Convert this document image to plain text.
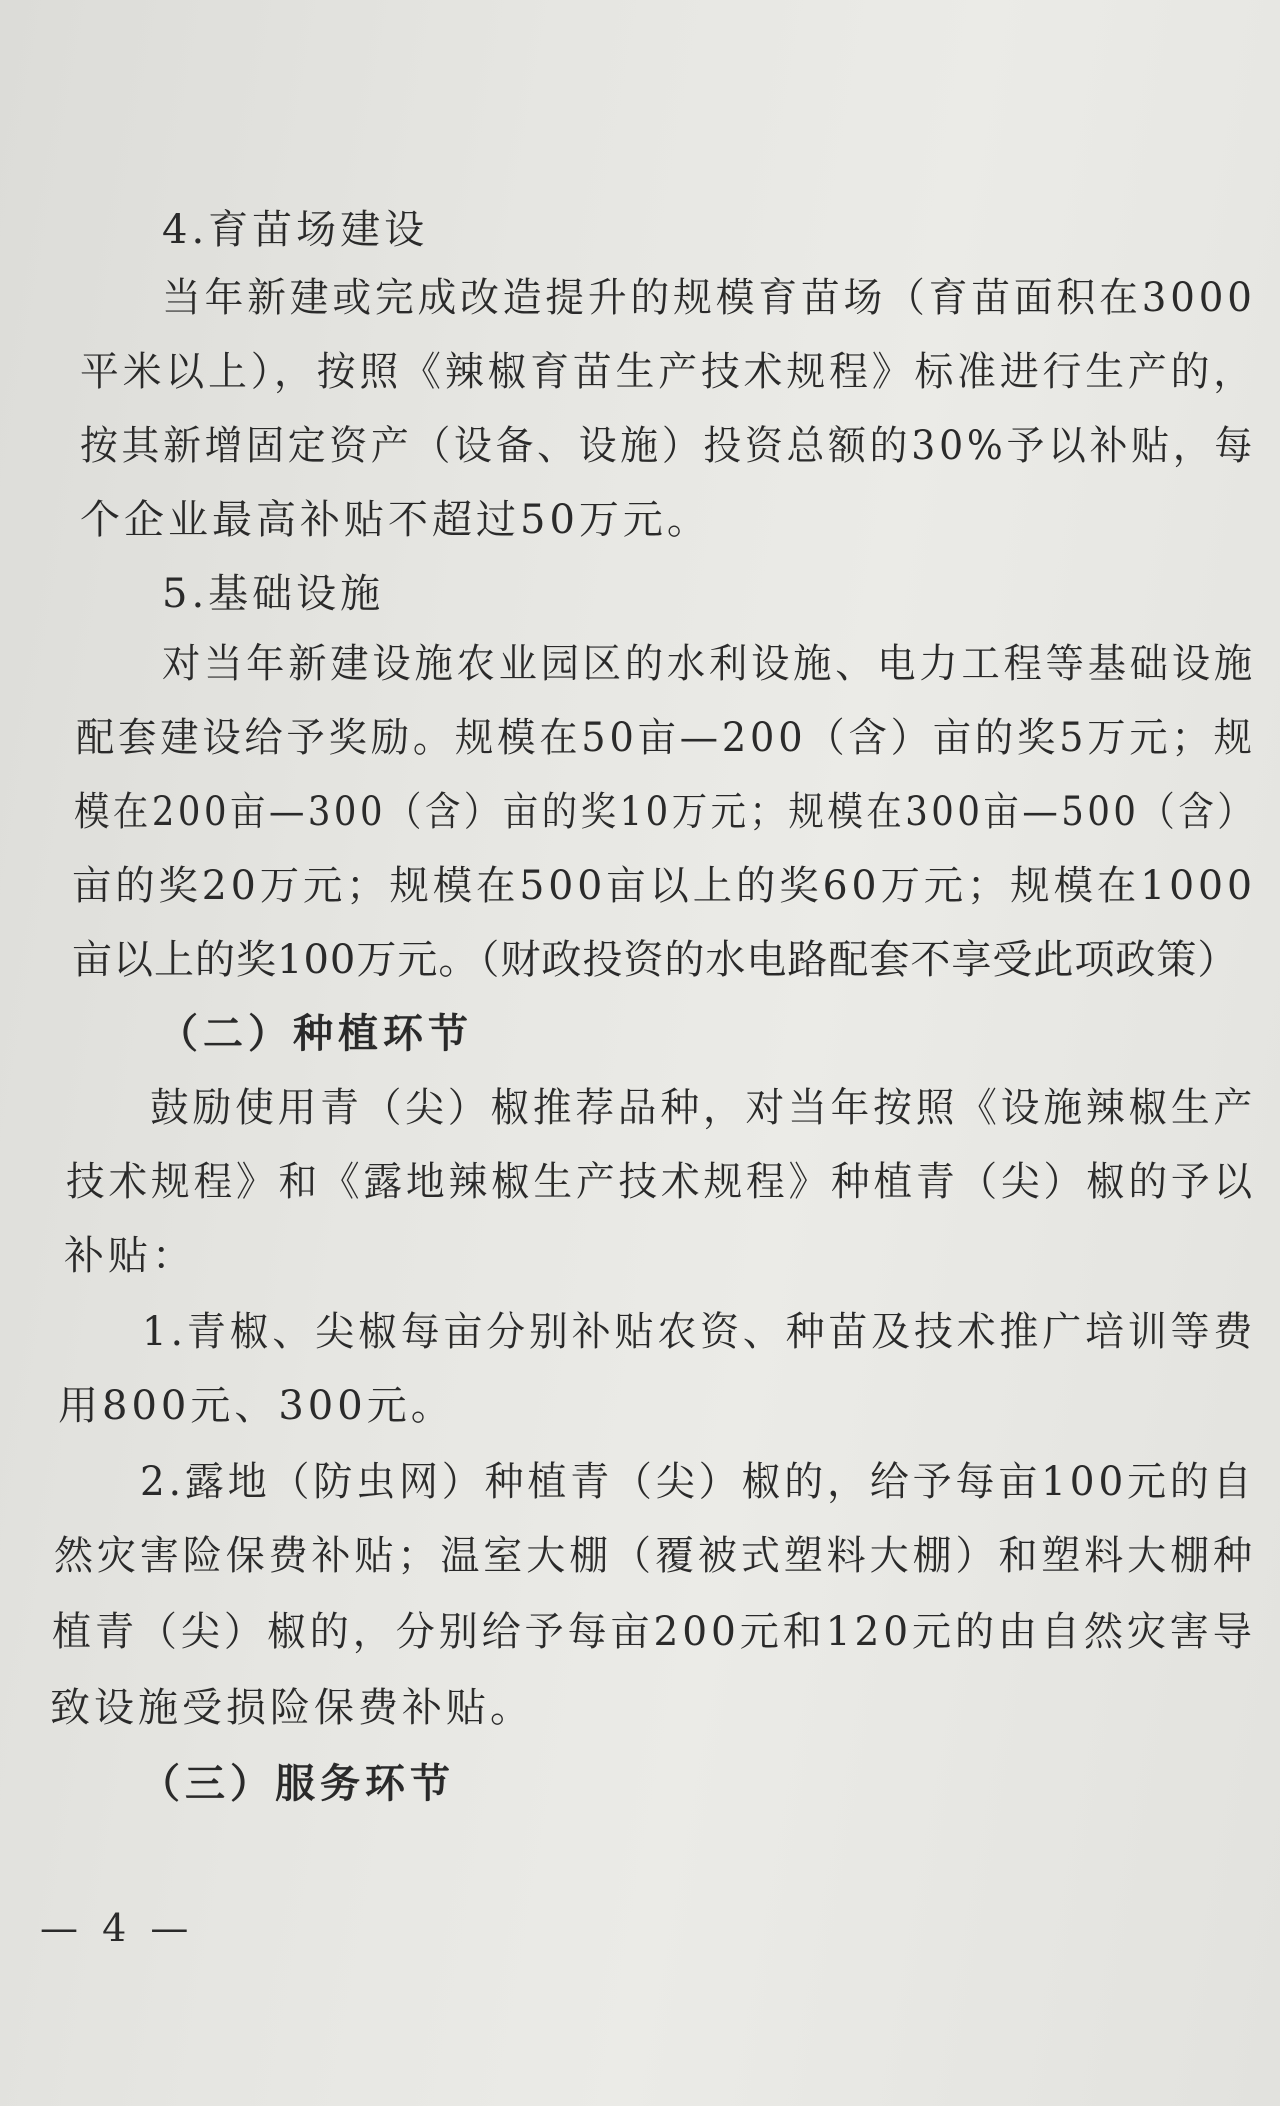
4.育苗场建设
当年新建或完成改造提升的规模育苗场（育苗面积在3000
平米以上），按照《辣椒育苗生产技术规程》标准进行生产的，
按其新增固定资产（设备、设施）投资总额的30%予以补贴，每
个企业最高补贴不超过50万元。
5.基础设施
对当年新建设施农业园区的水利设施、电力工程等基础设施
配套建设给予奖励。规模在50亩—200（含）亩的奖5万元；规
模在200亩—300（含）亩的奖10万元；规模在300亩—500（含）
亩的奖20万元；规模在500亩以上的奖60万元；规模在1000
亩以上的奖100万元。（财政投资的水电路配套不享受此项政策）
（二）种植环节
鼓励使用青（尖）椒推荐品种，对当年按照《设施辣椒生产
技术规程》和《露地辣椒生产技术规程》种植青（尖）椒的予以
补贴：
1.青椒、尖椒每亩分别补贴农资、种苗及技术推广培训等费
用800元、300元。
2.露地（防虫网）种植青（尖）椒的，给予每亩100元的自
然灾害险保费补贴；温室大棚（覆被式塑料大棚）和塑料大棚种
植青（尖）椒的，分别给予每亩200元和120元的由自然灾害导
致设施受损险保费补贴。
（三）服务环节
— 4 —
